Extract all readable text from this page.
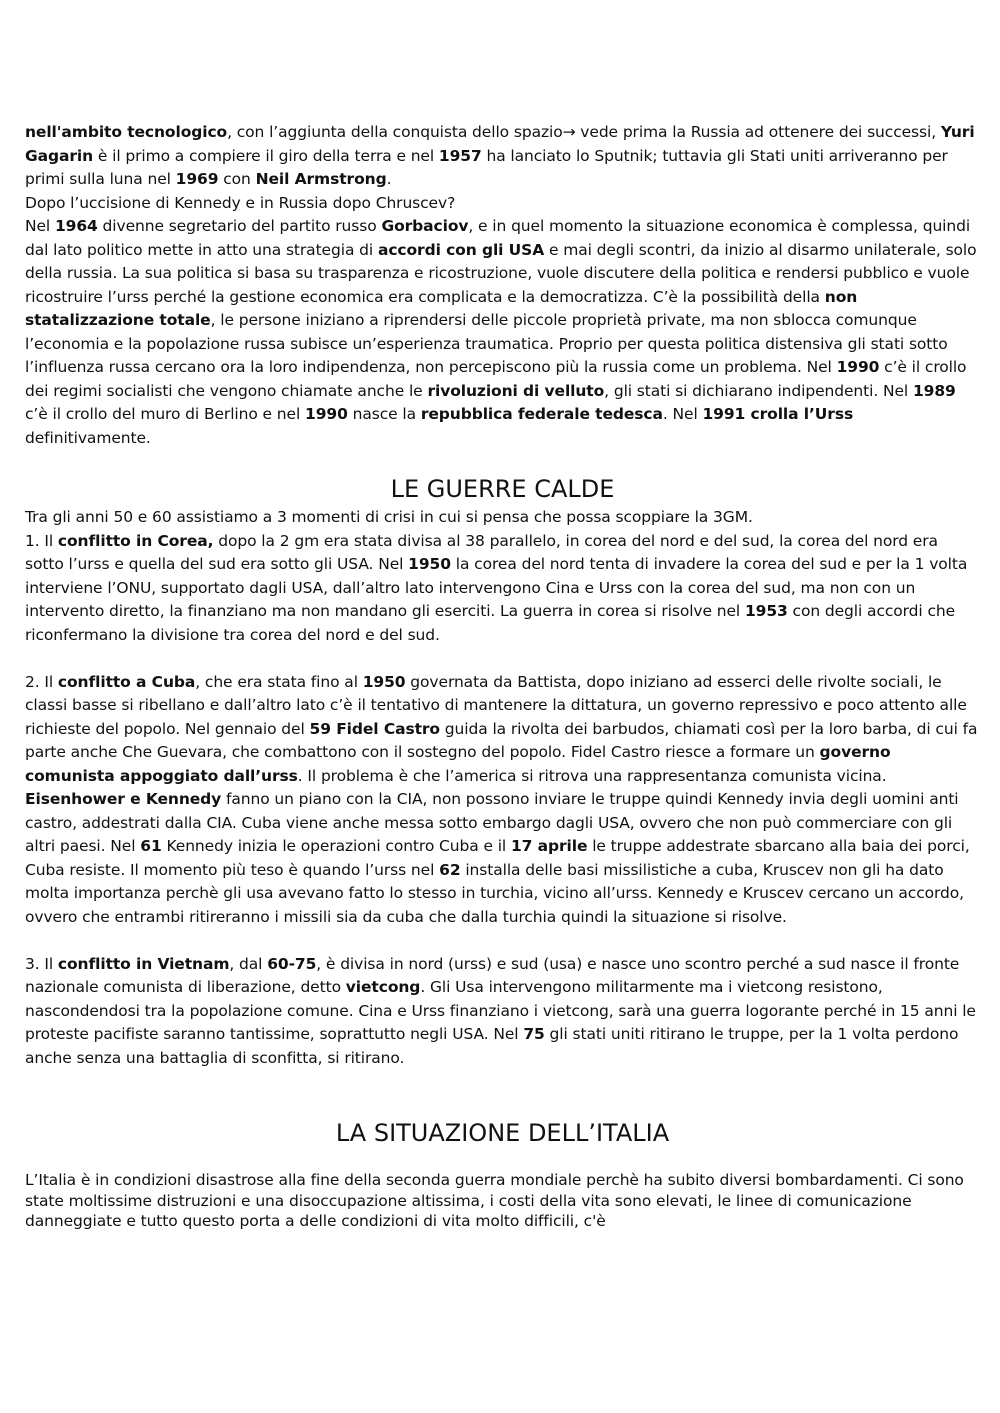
nell'ambito tecnologico, con l’aggiunta della conquista dello spazio→ vede prima la Russia ad ottenere dei successi, Yuri Gagarin è il primo a compiere il giro della terra e nel 1957 ha lanciato lo Sputnik; tuttavia gli Stati uniti arriveranno per primi sulla luna nel 1969 con Neil Armstrong.

Dopo l’uccisione di Kennedy e in Russia dopo Chruscev?

Nel 1964 divenne segretario del partito russo Gorbaciov, e in quel momento la situazione economica è complessa, quindi dal lato politico mette in atto una strategia di accordi con gli USA e mai degli scontri, da inizio al disarmo unilaterale, solo della russia. La sua politica si basa su trasparenza e ricostruzione, vuole discutere della politica e rendersi pubblico e vuole ricostruire l’urss perché la gestione economica era complicata e la democratizza. C’è la possibilità della non statalizzazione totale, le persone iniziano a riprendersi delle piccole proprietà private, ma non sblocca comunque l’economia e la popolazione russa subisce un’esperienza traumatica. Proprio per questa politica distensiva gli stati sotto l’influenza russa cercano ora la loro indipendenza, non percepiscono più la russia come un problema. Nel 1990 c’è il crollo dei regimi socialisti che vengono chiamate anche le rivoluzioni di velluto, gli stati si dichiarano indipendenti. Nel 1989 c’è il crollo del muro di Berlino e nel 1990 nasce la repubblica federale tedesca. Nel 1991 crolla l’Urss definitivamente.

LE GUERRE CALDE

Tra gli anni 50 e 60 assistiamo a 3 momenti di crisi in cui si pensa che possa scoppiare la 3GM.

1. Il conflitto in Corea, dopo la 2 gm era stata divisa al 38 parallelo, in corea del nord e del sud, la corea del nord era sotto l’urss e quella del sud era sotto gli USA. Nel 1950 la corea del nord tenta di invadere la corea del sud e per la 1 volta interviene l’ONU, supportato dagli USA, dall’altro lato intervengono Cina e Urss con la corea del sud, ma non con un intervento diretto, la finanziano ma non mandano gli eserciti. La guerra in corea si risolve nel 1953 con degli accordi che riconfermano la divisione tra corea del nord e del sud.

2. Il conflitto a Cuba, che era stata fino al 1950 governata da Battista, dopo iniziano ad esserci delle rivolte sociali, le classi basse si ribellano e dall’altro lato c’è il tentativo di mantenere la dittatura, un governo repressivo e poco attento alle richieste del popolo. Nel gennaio del 59 Fidel Castro guida la rivolta dei barbudos, chiamati così per la loro barba, di cui fa parte anche Che Guevara, che combattono con il sostegno del popolo. Fidel Castro riesce a formare un governo comunista appoggiato dall’urss. Il problema è che l’america si ritrova una rappresentanza comunista vicina. Eisenhower e Kennedy fanno un piano con la CIA, non possono inviare le truppe quindi Kennedy invia degli uomini anti castro, addestrati dalla CIA. Cuba viene anche messa sotto embargo dagli USA, ovvero che non può commerciare con gli altri paesi. Nel 61 Kennedy inizia le operazioni contro Cuba e il 17 aprile le truppe addestrate sbarcano alla baia dei porci, Cuba resiste. Il momento più teso è quando l’urss nel 62 installa delle basi missilistiche a cuba, Kruscev non gli ha dato molta importanza perchè gli usa avevano fatto lo stesso in turchia, vicino all’urss. Kennedy e Kruscev cercano un accordo, ovvero che entrambi ritireranno i missili sia da cuba che dalla turchia quindi la situazione si risolve.

3. Il conflitto in Vietnam, dal 60-75, è divisa in nord (urss) e sud (usa) e nasce uno scontro perché a sud nasce il fronte nazionale comunista di liberazione, detto vietcong. Gli Usa intervengono militarmente ma i vietcong resistono, nascondendosi tra la popolazione comune. Cina e Urss finanziano i vietcong, sarà una guerra logorante perché in 15 anni le proteste pacifiste saranno tantissime, soprattutto negli USA. Nel 75 gli stati uniti ritirano le truppe, per la 1 volta perdono anche senza una battaglia di sconfitta, si ritirano.

LA SITUAZIONE DELL’ITALIA

L’Italia è in condizioni disastrose alla fine della seconda guerra mondiale perchè ha subito diversi bombardamenti. Ci sono state moltissime distruzioni e una disoccupazione altissima, i costi della vita sono elevati, le linee di comunicazione danneggiate e tutto questo porta a delle condizioni di vita molto difficili, c'è
